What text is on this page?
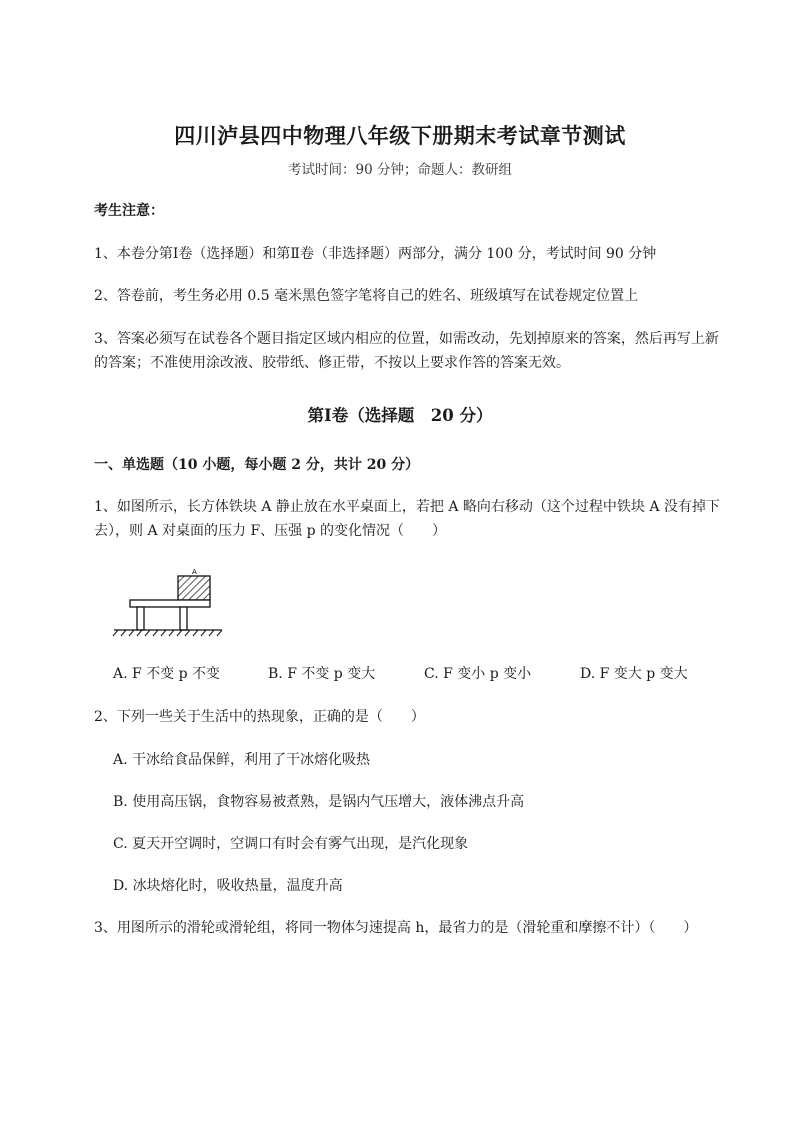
四川泸县四中物理八年级下册期末考试章节测试
考试时间：90 分钟；命题人：教研组
考生注意：
1、本卷分第Ⅰ卷（选择题）和第Ⅱ卷（非选择题）两部分，满分 100 分，考试时间 90 分钟
2、答卷前，考生务必用 0.5 毫米黑色签字笔将自己的姓名、班级填写在试卷规定位置上
3、答案必须写在试卷各个题目指定区域内相应的位置，如需改动，先划掉原来的答案，然后再写上新
的答案；不准使用涂改液、胶带纸、修正带，不按以上要求作答的答案无效。
第Ⅰ卷（选择题　20 分）
一、单选题（10 小题，每小题 2 分，共计 20 分）
1、如图所示，长方体铁块 A 静止放在水平桌面上，若把 A 略向右移动（这个过程中铁块 A 没有掉下
去），则 A 对桌面的压力 F、压强 p 的变化情况（　　）
A
A. F 不变 p 不变	B. F 不变 p 变大	C. F 变小 p 变小	D. F 变大 p 变大
2、下列一些关于生活中的热现象，正确的是（　　）
A. 干冰给食品保鲜，利用了干冰熔化吸热
B. 使用高压锅，食物容易被煮熟，是锅内气压增大，液体沸点升高
C. 夏天开空调时，空调口有时会有雾气出现，是汽化现象
D. 冰块熔化时，吸收热量，温度升高
3、用图所示的滑轮或滑轮组，将同一物体匀速提高 h，最省力的是（滑轮重和摩擦不计）（　　）
